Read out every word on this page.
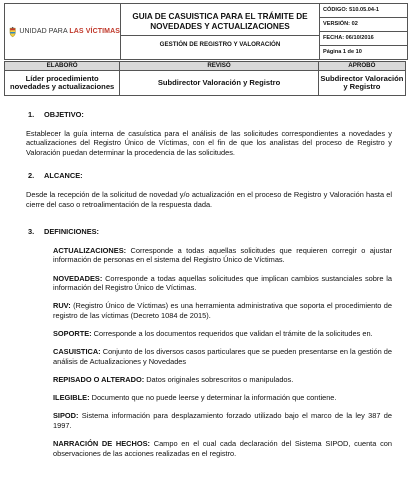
UNIDAD PARA LAS VÍCTIMAS

GUIA DE CASUISTICA PARA EL TRÁMITE DE NOVEDADES Y ACTUALIZACIONES
GESTIÓN DE REGISTRO Y VALORACIÓN

CÓDIGO: 510.05.04-1
VERSIÓN: 02
FECHA: 06/10/2016
Página 1 de 10
ELABORÓ	REVISÓ	APROBÓ
Líder procedimiento novedades y actualizaciones	Subdirector Valoración y Registro	Subdirector Valoración y Registro
1. OBJETIVO:

Establecer la guía interna de casuística para el análisis de las solicitudes correspondientes a novedades y actualizaciones del Registro Único de Víctimas, con el fin de que los analistas del proceso de Registro y Valoración puedan determinar la procedencia de las solicitudes.

2. ALCANCE:

Desde la recepción de la solicitud de novedad y/o actualización en el proceso de Registro y Valoración hasta el cierre del caso o retroalimentación de la respuesta dada.

3. DEFINICIONES:

ACTUALIZACIONES: Corresponde a todas aquellas solicitudes que requieren corregir o ajustar información de personas en el sistema del Registro Único de Víctimas.

NOVEDADES: Corresponde a todas aquellas solicitudes que implican cambios sustanciales sobre la información del Registro Único de Víctimas.

RUV: (Registro Único de Víctimas) es una herramienta administrativa que soporta el procedimiento de registro de las víctimas (Decreto 1084 de 2015).

SOPORTE: Corresponde a los documentos requeridos que validan el trámite de la solicitudes en.

CASUISTICA: Conjunto de los diversos casos particulares que se pueden presentarse en la gestión de análisis de Actualizaciones y Novedades

REPISADO O ALTERADO: Datos originales sobrescritos o manipulados.

ILEGIBLE: Documento que no puede leerse y determinar la información que contiene.

SIPOD: Sistema información para desplazamiento forzado utilizado bajo el marco de la ley 387 de 1997.

NARRACIÓN DE HECHOS: Campo en el cual cada declaración del Sistema SIPOD, cuenta con observaciones de las acciones realizadas en el registro.
